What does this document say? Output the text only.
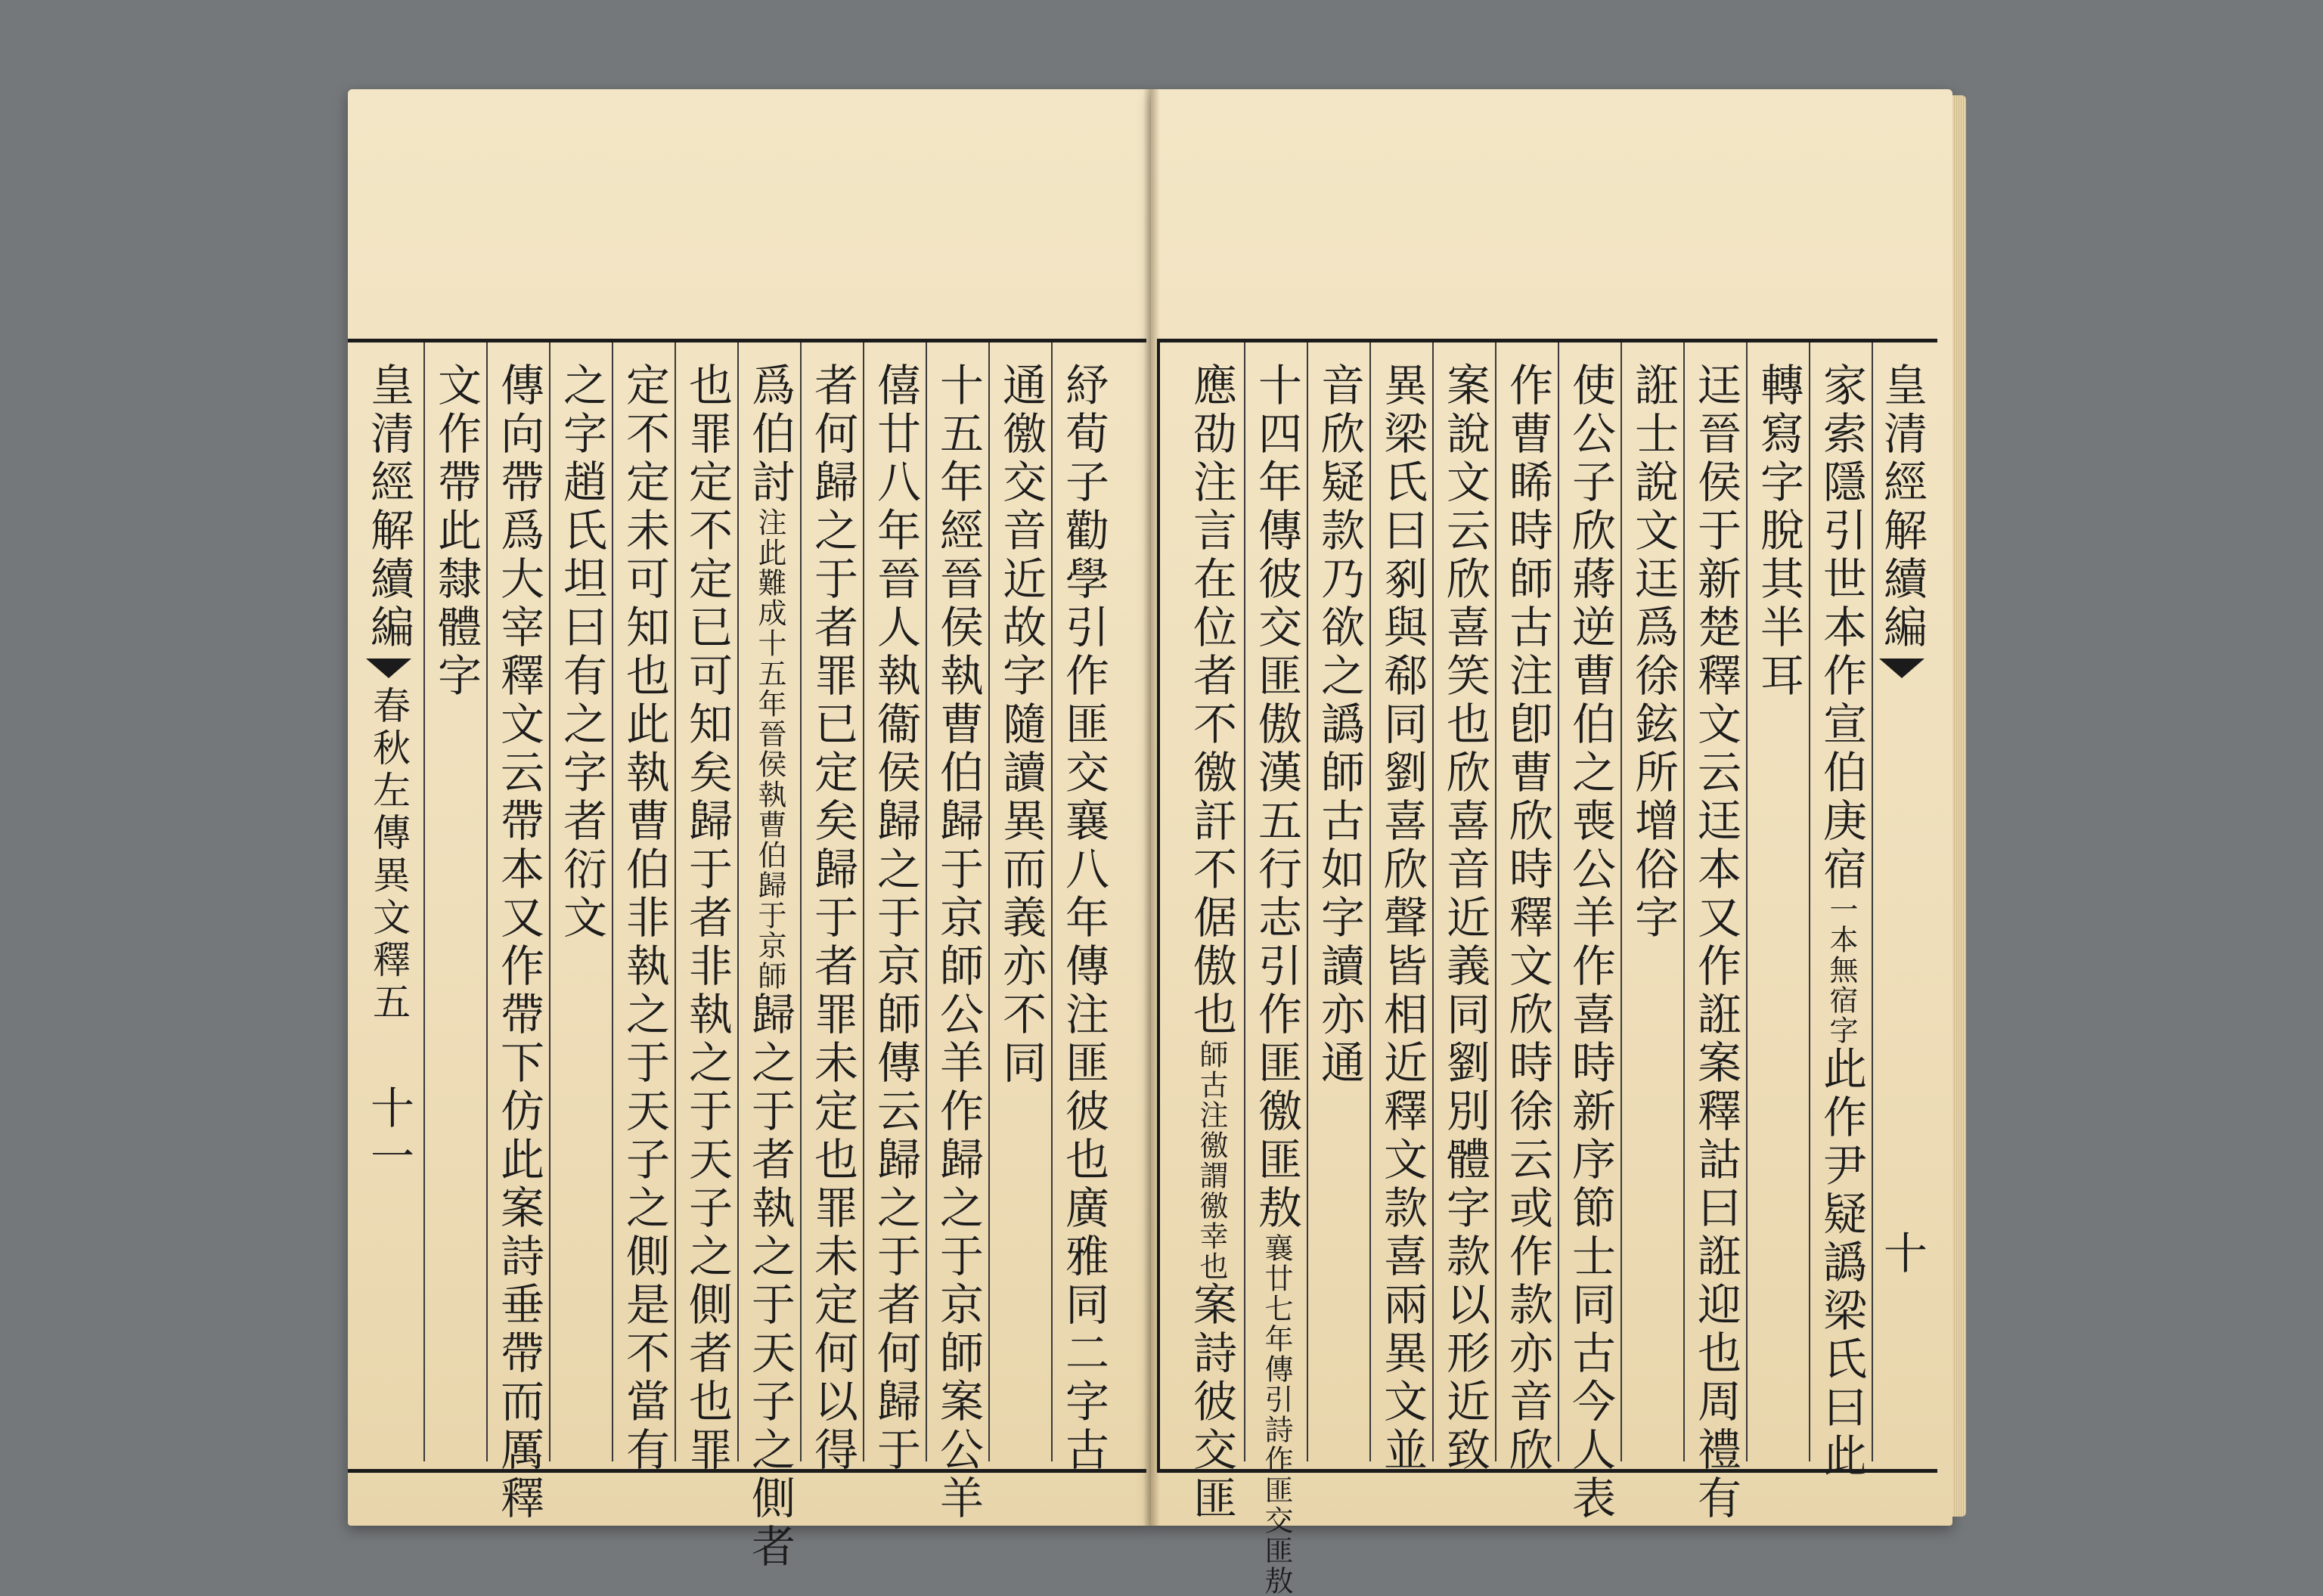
皇清經解續編
十
家索隱引世本作宣伯庚宿
一本無宿字
此作尹疑譌梁氏曰此
轉寫字脫其半耳
迋晉侯于新楚釋文云迋本又作誑案釋詁曰誑迎也周禮有
誑士說文迋爲徐鉉所增俗字
使公子欣蔣逆曹伯之喪公羊作喜時新序節士同古今人表
作曹睎時師古注卽曹欣時釋文欣時徐云或作款亦音欣
案說文云欣喜笑也欣喜音近義同劉別體字款以形近致
異梁氏曰剢與郗同劉喜欣聲皆相近釋文款喜兩異文並
音欣疑款乃欲之譌師古如字讀亦通
十四年傳彼交匪傲漢五行志引作匪徼匪敖
襄廿七年傳引詩作匪交匪敖
應劭注言在位者不徼訐不倨傲也
師古注徼謂徼幸也
案詩彼交匪
紓荀子勸學引作匪交襄八年傳注匪彼也廣雅同二字古
通徼交音近故字隨讀異而義亦不同
十五年經晉侯執曹伯歸于京師公羊作歸之于京師案公羊
僖廿八年晉人執衞侯歸之于京師傳云歸之于者何歸于
者何歸之于者罪已定矣歸于者罪未定也罪未定何以得
爲伯討
注此難成十五年晉侯執曹伯歸于京師
歸之于者執之于天子之側者
也罪定不定已可知矣歸于者非執之于天子之側者也罪
定不定未可知也此執曹伯非執之于天子之側是不當有
之字趙氏坦曰有之字者衍文
傳向帶爲大宰釋文云帶本又作帶下仿此案詩垂帶而厲釋
文作帶此隸體字
皇清經解續編
春秋左傳異文釋五
十一
